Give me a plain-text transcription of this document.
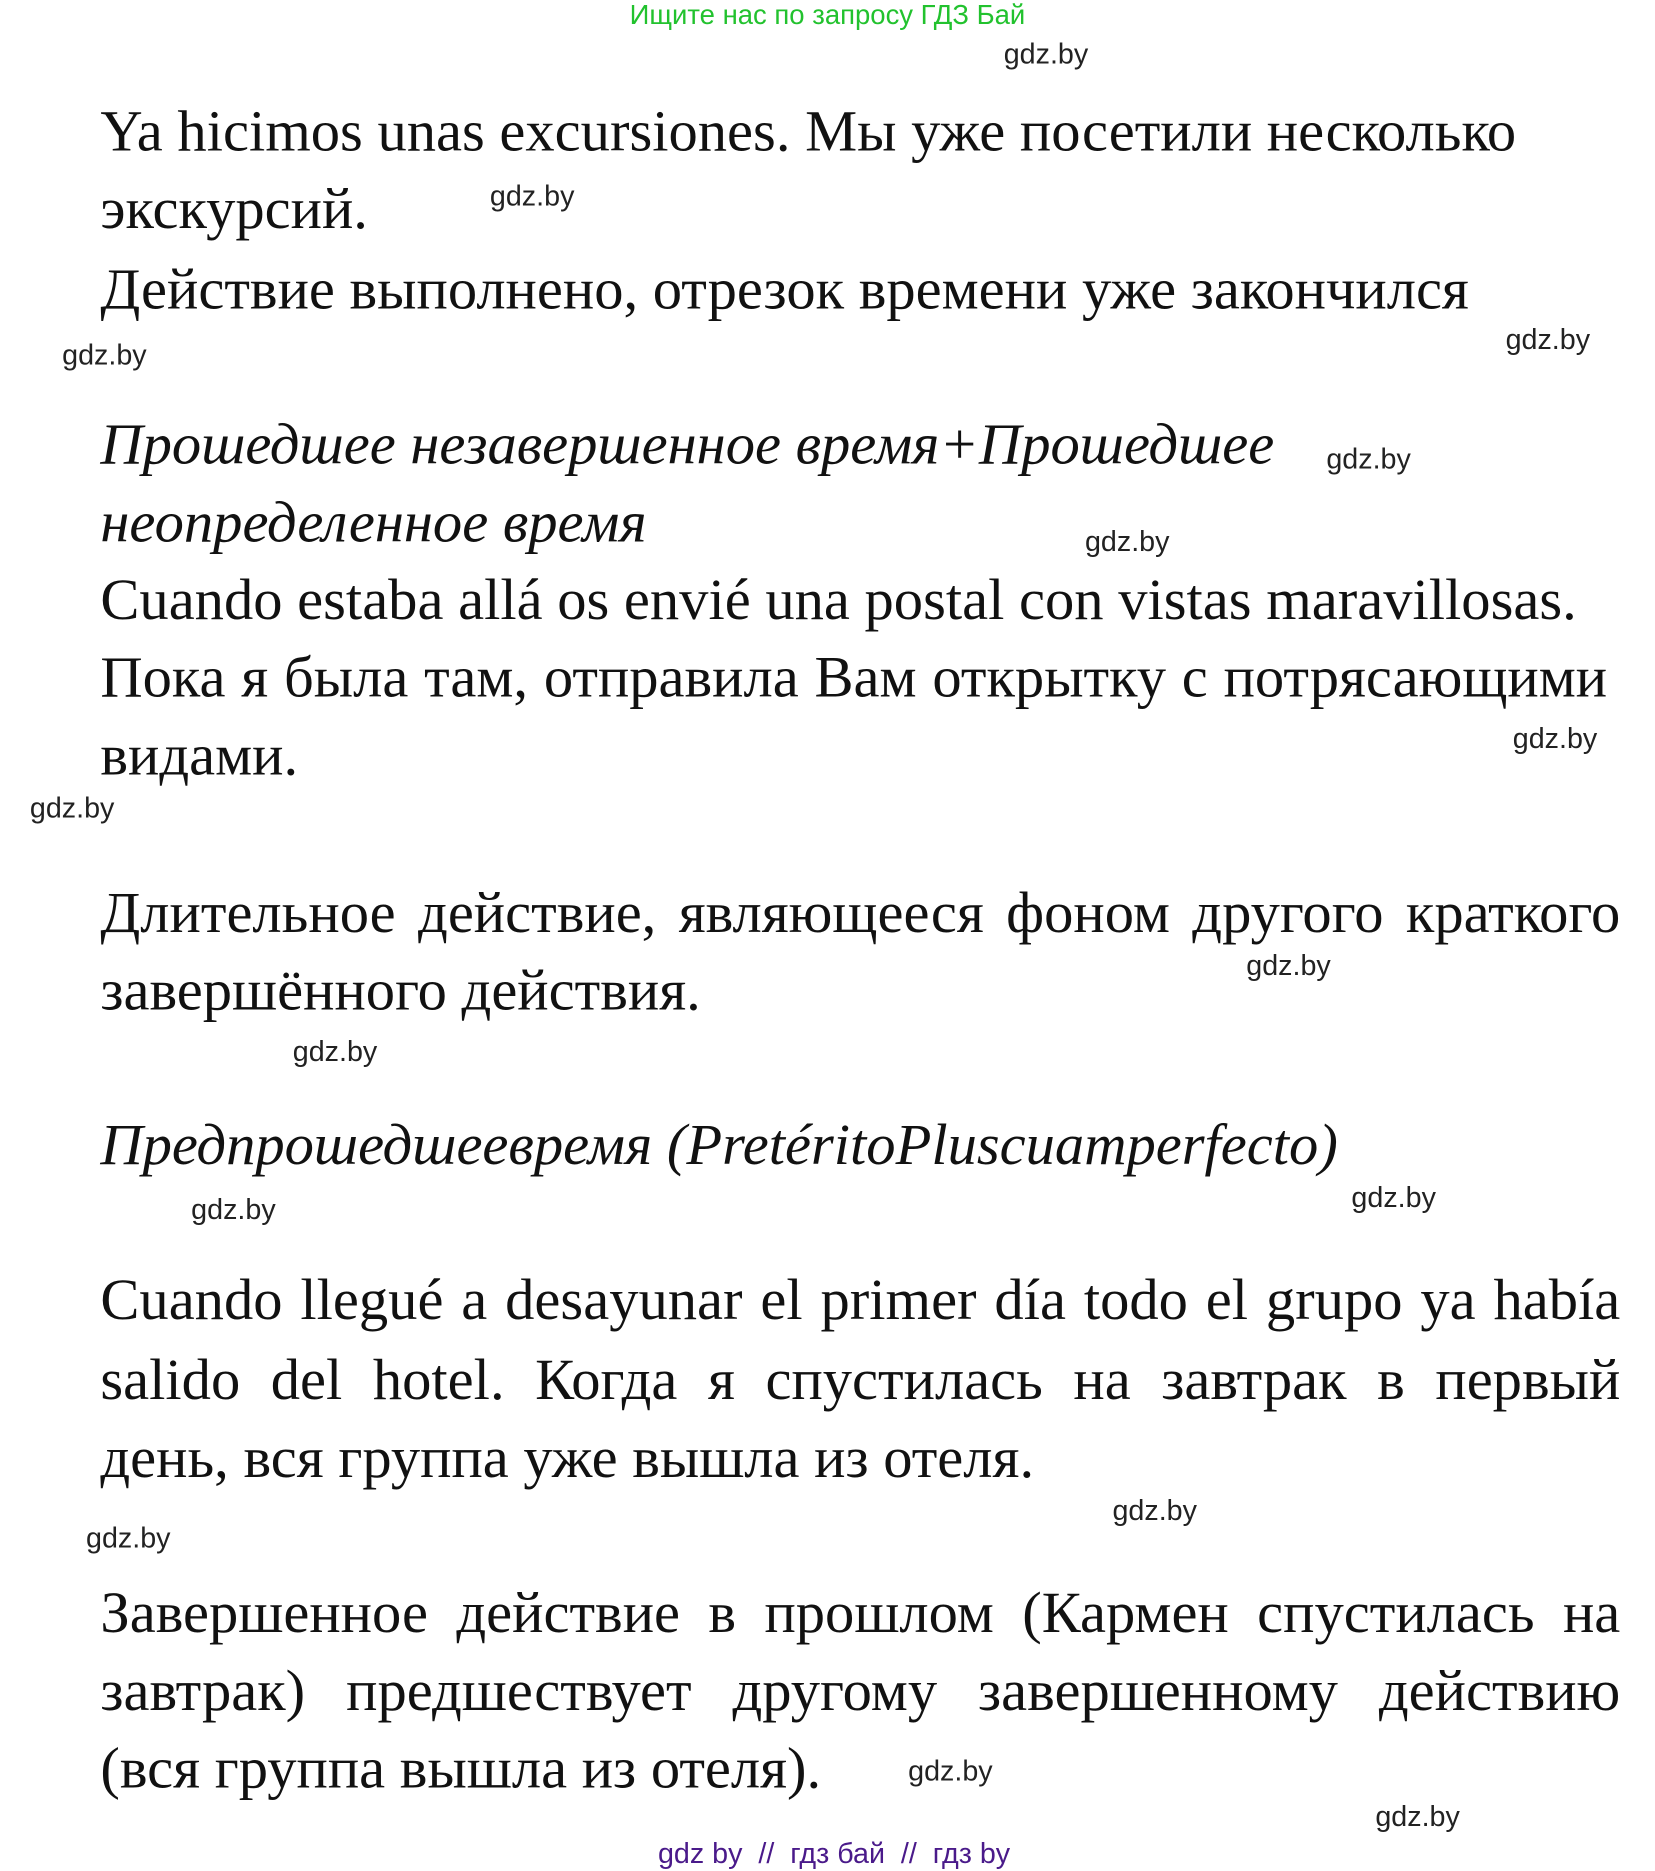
Ищите нас по запросу ГДЗ Бай
Ya hicimos unas excursiones. Мы уже посетили несколько
экскурсий.
Действие выполнено, отрезок времени уже закончился
Прошедшее незавершенное время+Прошедшее
неопределенное время
Cuando estaba allá os envié una postal con vistas maravillosas.
Пока я была там, отправила Вам открытку с потрясающими
видами.
Длительное действие, являющееся фоном другого краткого
завершённого действия.
Предпрошедшеевремя (PretéritoPluscuamperfecto)
Cuando llegué a desayunar el primer día todo el grupo ya había
salido del hotel. Когда я спустилась на завтрак в первый
день, вся группа уже вышла из отеля.
Завершенное действие в прошлом (Кармен спустилась на
завтрак) предшествует другому завершенному действию
(вся группа вышла из отеля).
gdz.by
gdz.by
gdz.by
gdz.by
gdz.by
gdz.by
gdz.by
gdz.by
gdz.by
gdz.by
gdz.by
gdz.by
gdz.by
gdz.by
gdz.by
gdz.by
gdz by  //  гдз бай  //  гдз by
